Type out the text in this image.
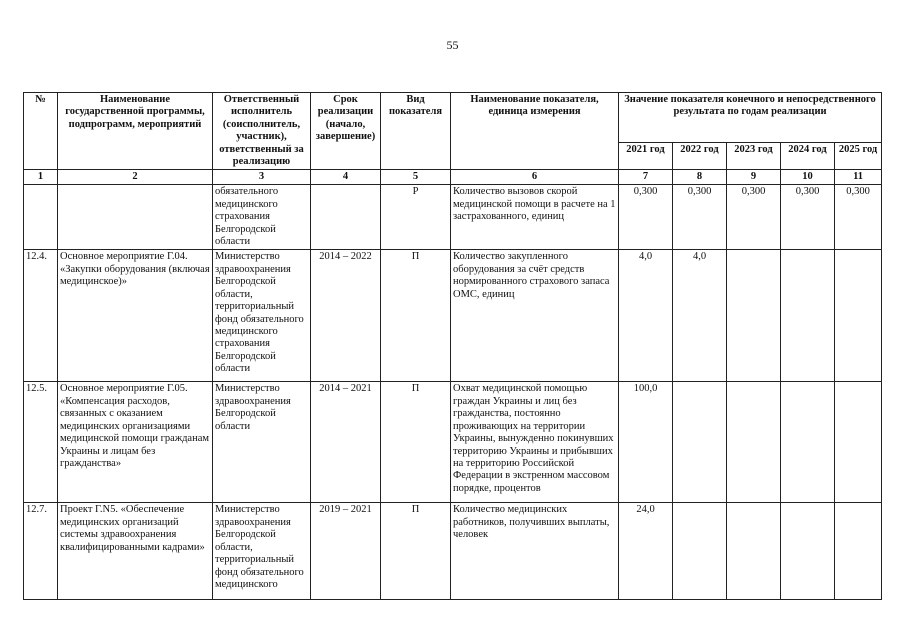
55
№	Наименование государственной программы, подпрограмм, мероприятий	Ответственный исполнитель (соисполнитель, участник), ответственный за реализацию	Срок реализации (начало, завершение)	Вид показателя	Наименование показателя, единица измерения	Значение показателя конечного и непосредственного результата по годам реализации				
						2021 год	2022 год	2023 год	2024 год	2025 год
1	2	3	4	5	6	7	8	9	10	11
		обязательного медицинского страхования Белгородской области		Р	Количество вызовов скорой медицинской помощи в расчете на 1 застрахованного, единиц	0,300	0,300	0,300	0,300	0,300
12.4.	Основное мероприятие Г.04. «Закупки оборудования (включая медицинское)»	Министерство здравоохранения Белгородской области, территориальный фонд обязательного медицинского страхования Белгородской области	2014 – 2022	П	Количество закупленного оборудования за счёт средств нормированного страхового запаса ОМС, единиц	4,0	4,0			
12.5.	Основное мероприятие Г.05. «Компенсация расходов, связанных с оказанием медицинских организациями медицинской помощи гражданам Украины и лицам без гражданства»	Министерство здравоохранения Белгородской области	2014 – 2021	П	Охват медицинской помощью граждан Украины и лиц без гражданства, постоянно проживающих на территории Украины, вынужденно покинувших территорию Украины и прибывших на территорию Российской Федерации в экстренном массовом порядке, процентов	100,0				
12.7.	Проект Г.N5. «Обеспечение медицинских организаций системы здравоохранения квалифицированными кадрами»	Министерство здравоохранения Белгородской области, территориальный фонд обязательного медицинского	2019 – 2021	П	Количество медицинских работников, получивших выплаты, человек	24,0				
